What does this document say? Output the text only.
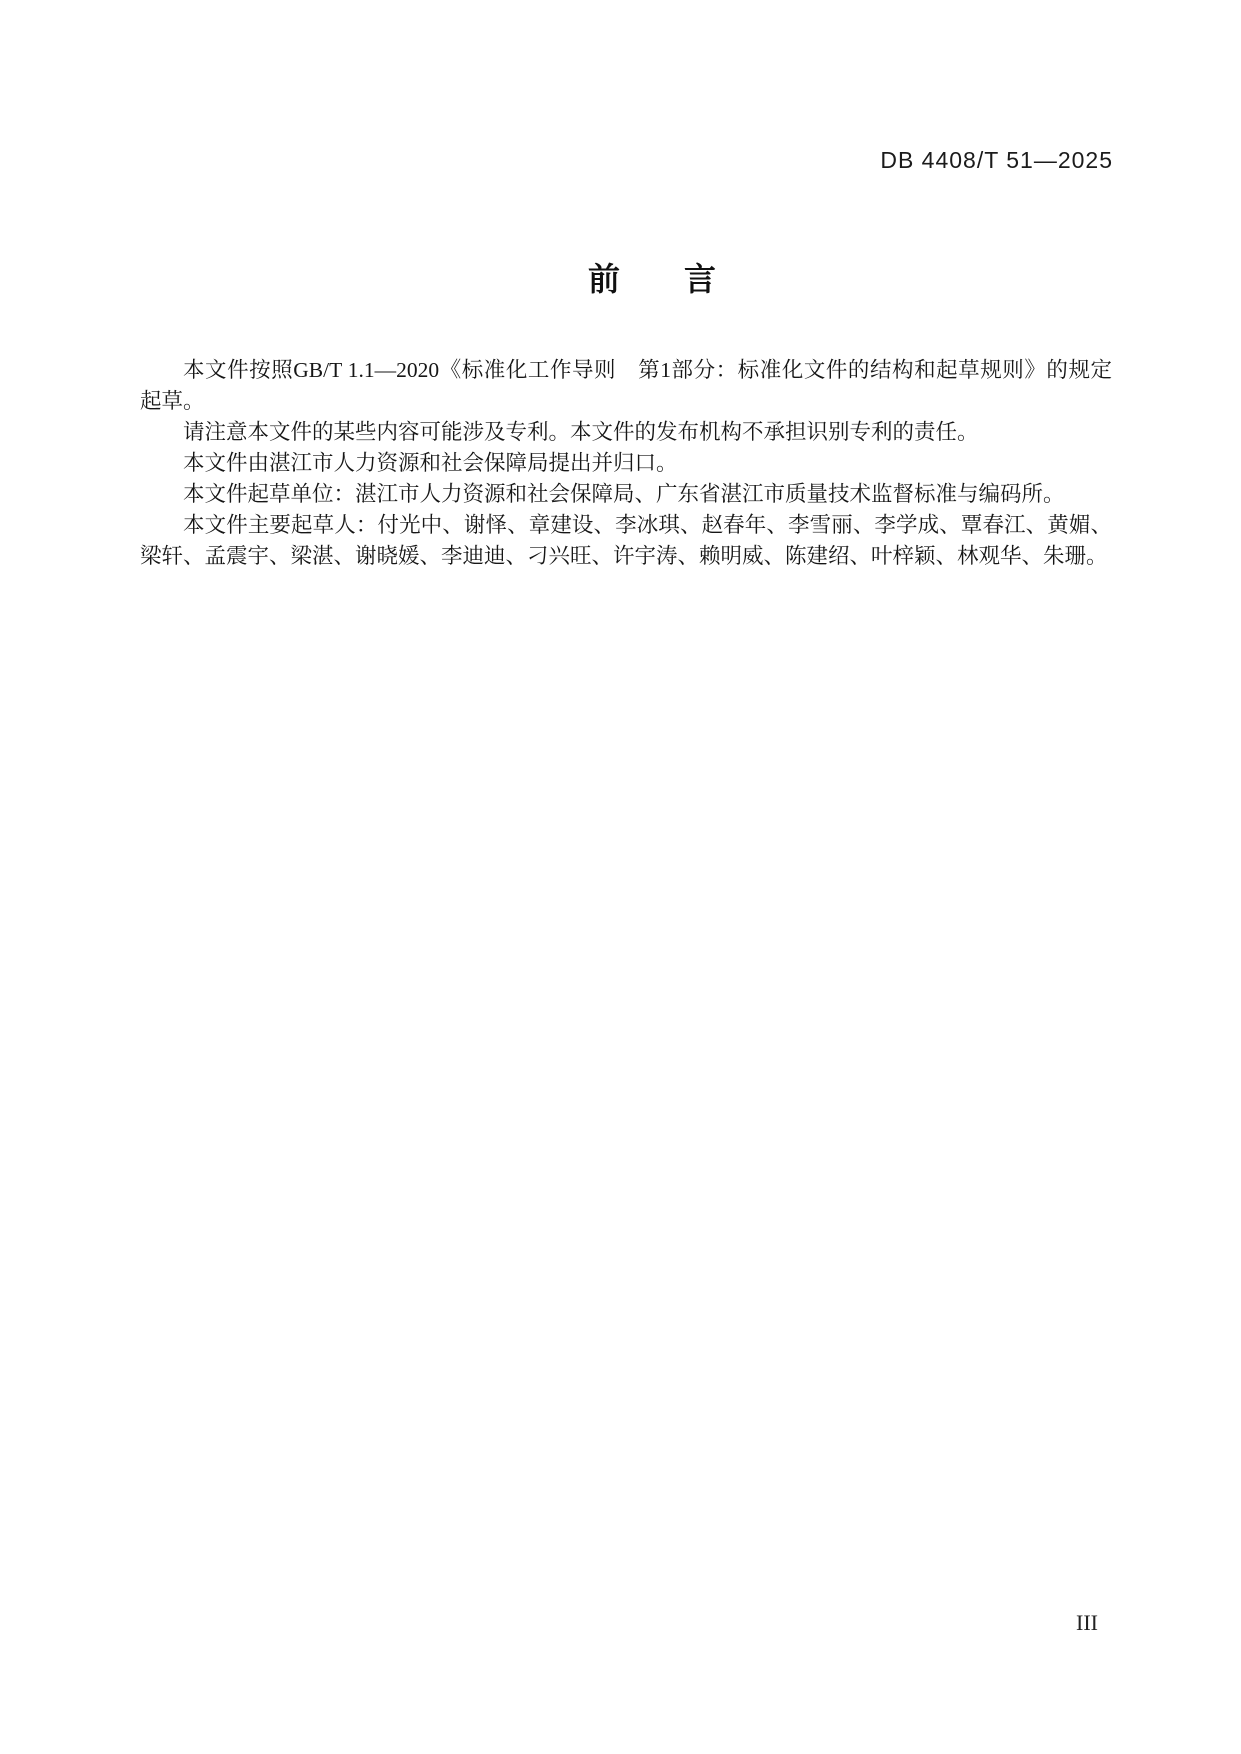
DB 4408/T 51—2025
前　　言

本文件按照GB/T 1.1—2020《标准化工作导则　第1部分：标准化文件的结构和起草规则》的规定

起草。

请注意本文件的某些内容可能涉及专利。本文件的发布机构不承担识别专利的责任。

本文件由湛江市人力资源和社会保障局提出并归口。

本文件起草单位：湛江市人力资源和社会保障局、广东省湛江市质量技术监督标准与编码所。

本文件主要起草人：付光中、谢怿、章建设、李冰琪、赵春年、李雪丽、李学成、覃春江、黄媚、

梁轩、孟震宇、梁湛、谢晓媛、李迪迪、刁兴旺、许宇涛、赖明威、陈建绍、叶梓颖、林观华、朱珊。

III
